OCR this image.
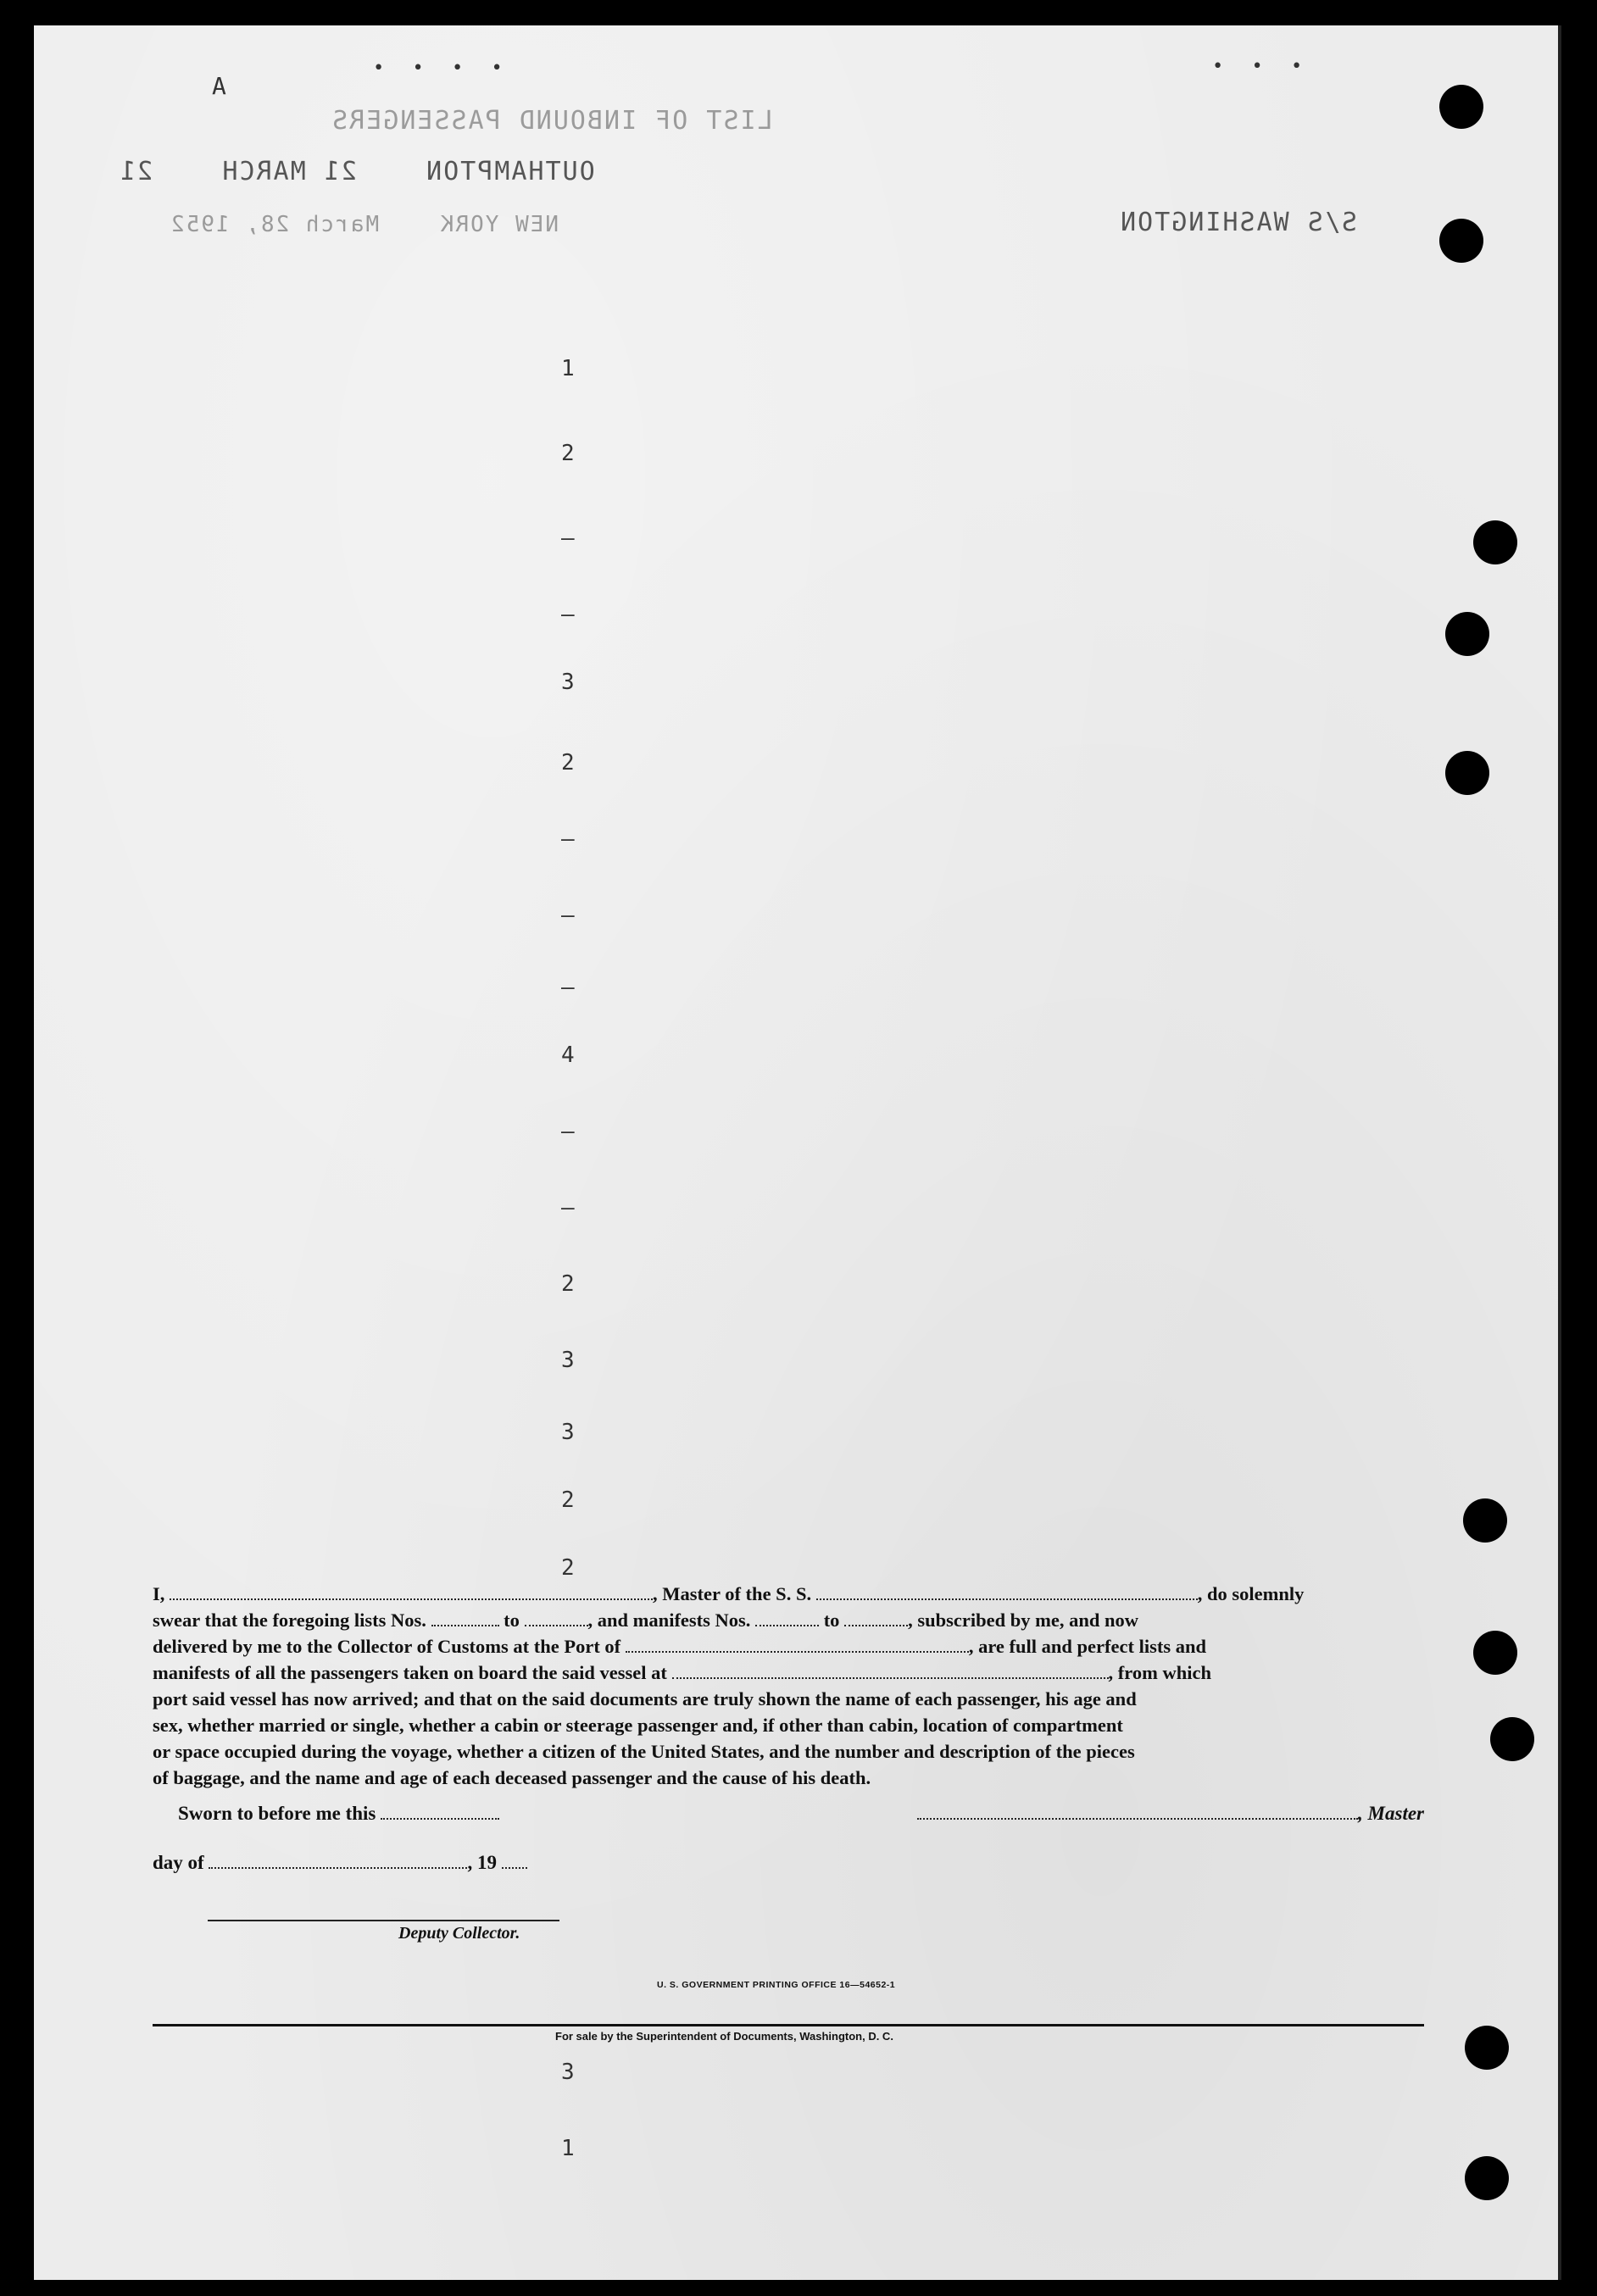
LIST OF INBOUND PASSENGERS
OUTHAMPTON    21 MARCH    21
NEW YORK    March 28, 1952	S/S WASHINGTON
A
• • • •	• • •
1
2
–
–
3
2
–
–
–
4
–
–
2
3
3
2
2
I,	, Master of the S. S.	, do solemnly
swear that the foregoing lists Nos.	to	, and manifests Nos.	to	, subscribed by me, and now
delivered by me to the Collector of Customs at the Port of	, are full and perfect lists and
manifests of all the passengers taken on board the said vessel at	, from which
port said vessel has now arrived; and that on the said documents are truly shown the name of each passenger, his age and
sex, whether married or single, whether a cabin or steerage passenger and, if other than cabin, location of compartment
or space occupied during the voyage, whether a citizen of the United States, and the number and description of the pieces
of baggage, and the name and age of each deceased passenger and the cause of his death.
Sworn to before me this	, Master
day of	, 19
Deputy Collector.
U. S. GOVERNMENT PRINTING OFFICE 16—54652-1
For sale by the Superintendent of Documents, Washington, D. C.
3
1
